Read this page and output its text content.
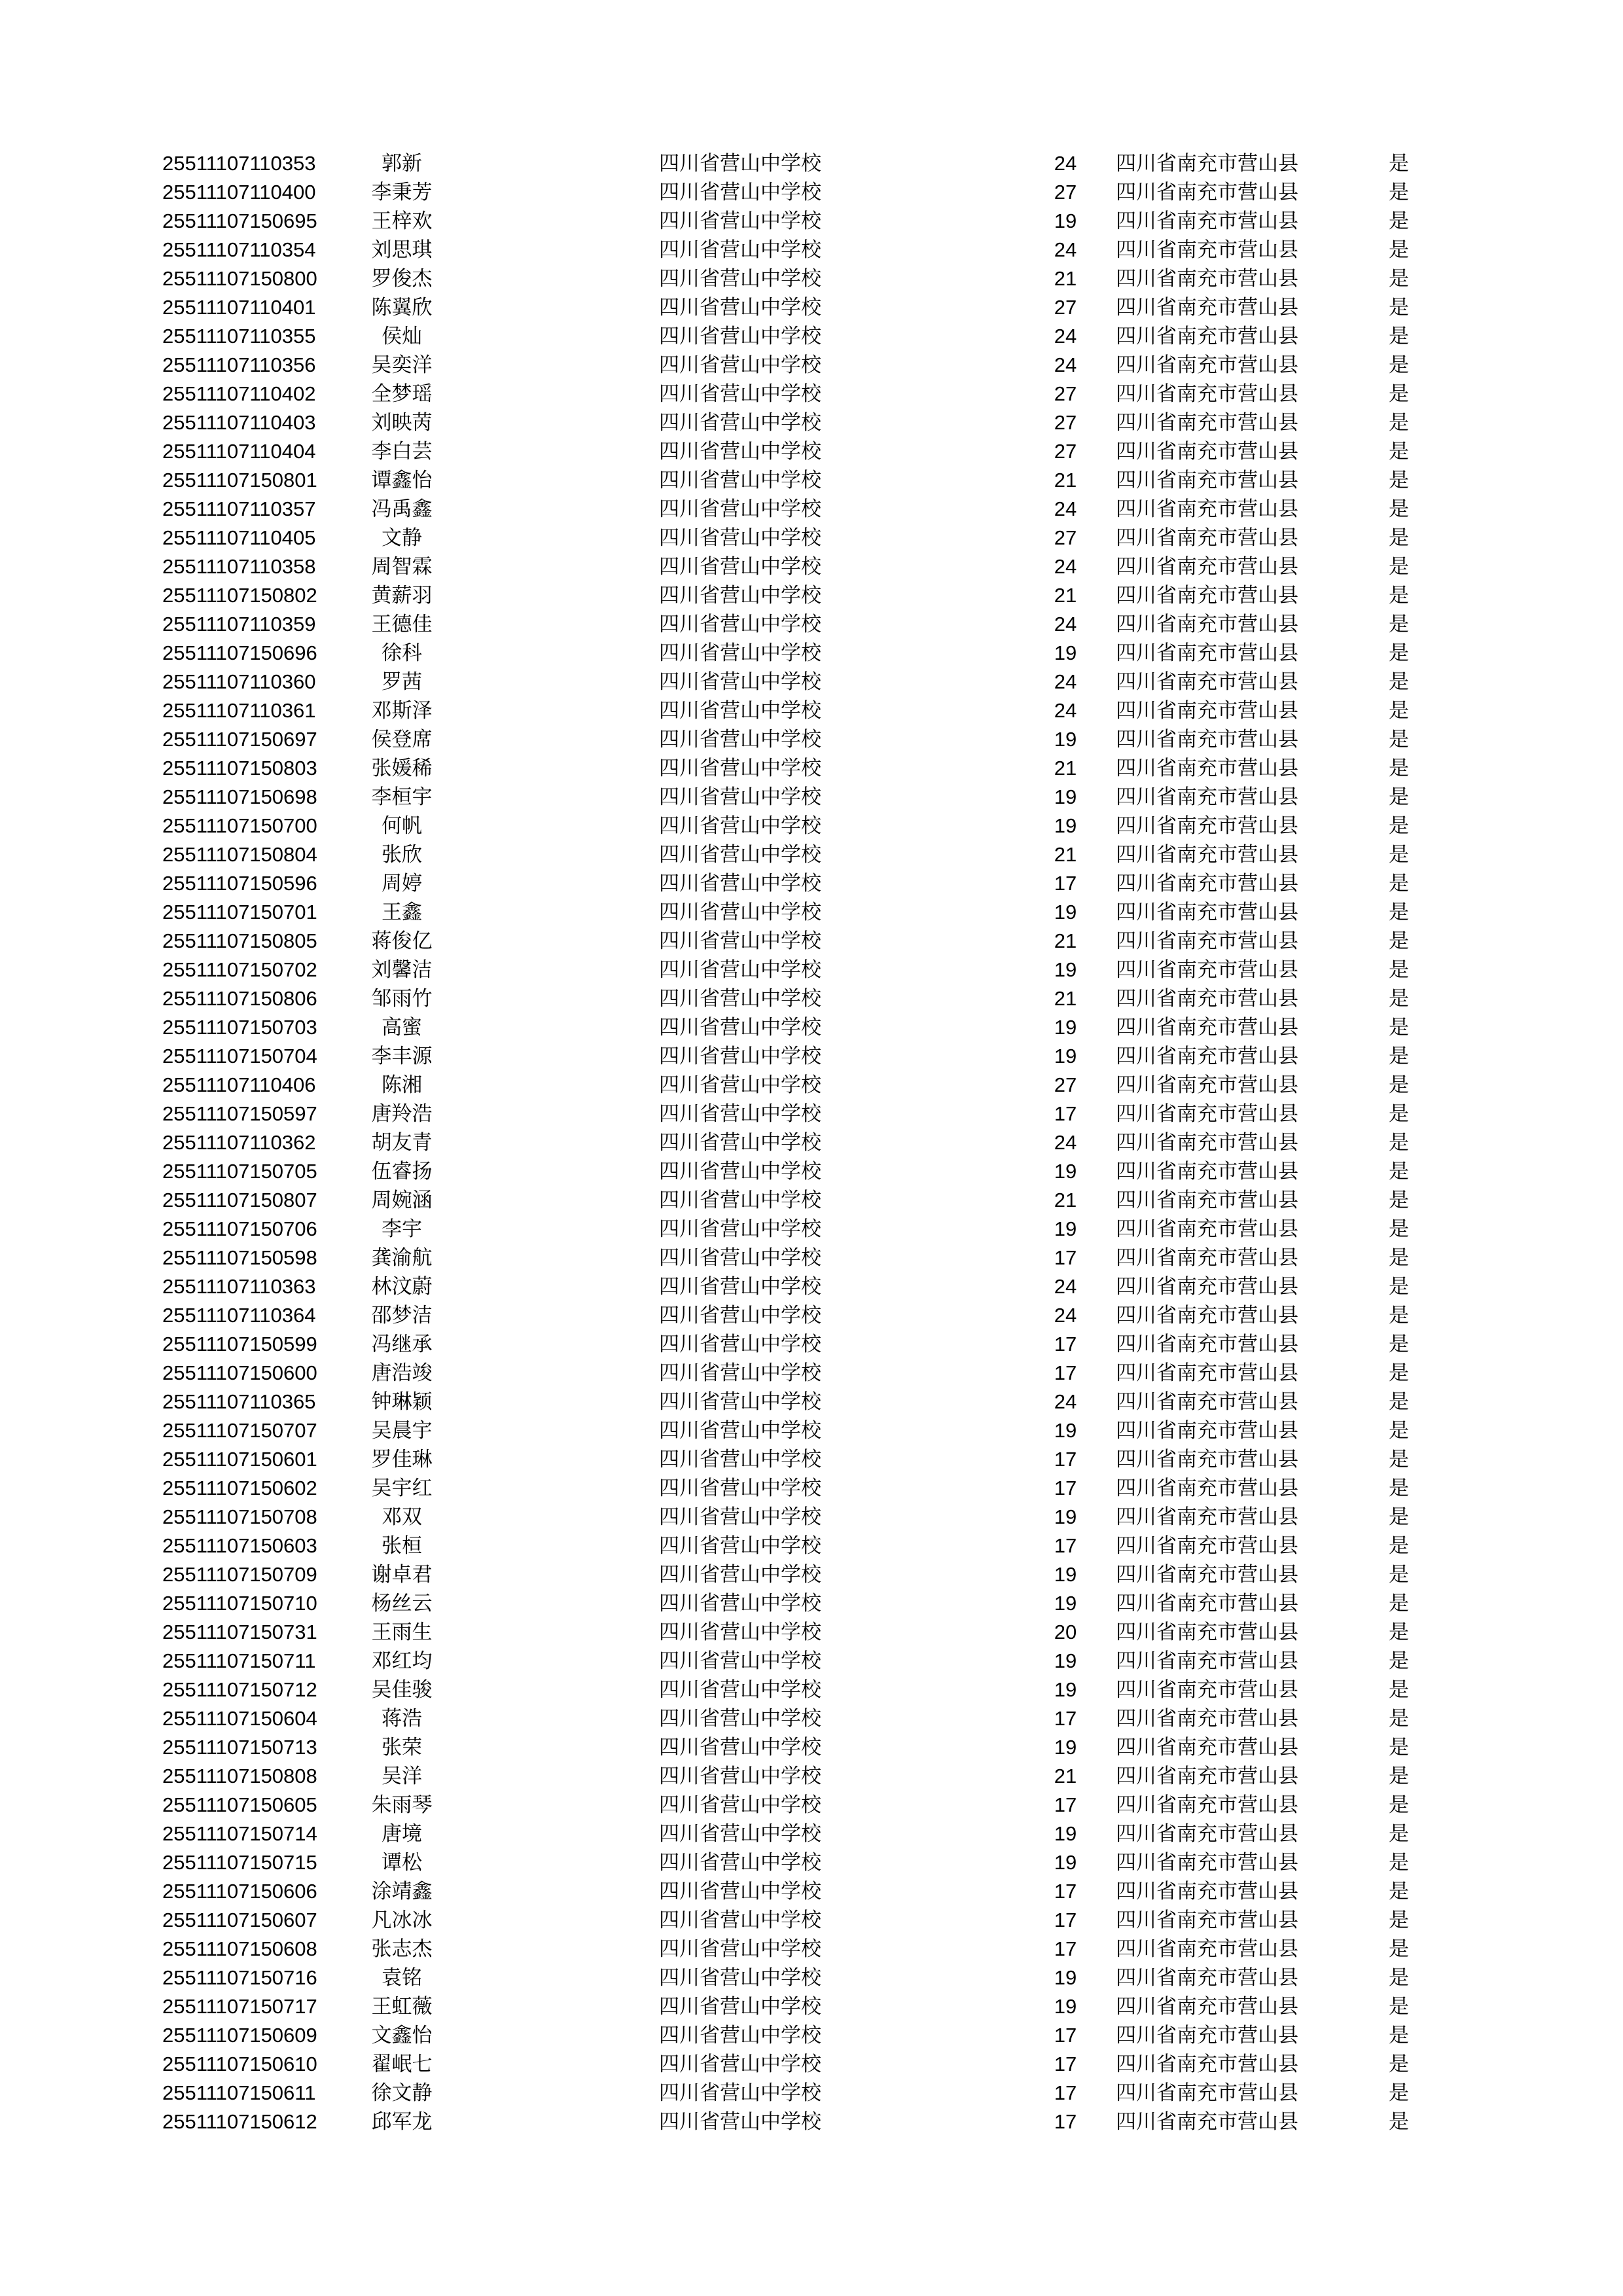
25511107110353	郭新	四川省营山中学校	24	四川省南充市营山县	是
25511107110400	李秉芳	四川省营山中学校	27	四川省南充市营山县	是
25511107150695	王梓欢	四川省营山中学校	19	四川省南充市营山县	是
25511107110354	刘思琪	四川省营山中学校	24	四川省南充市营山县	是
25511107150800	罗俊杰	四川省营山中学校	21	四川省南充市营山县	是
25511107110401	陈翼欣	四川省营山中学校	27	四川省南充市营山县	是
25511107110355	侯灿	四川省营山中学校	24	四川省南充市营山县	是
25511107110356	吴奕洋	四川省营山中学校	24	四川省南充市营山县	是
25511107110402	全梦瑶	四川省营山中学校	27	四川省南充市营山县	是
25511107110403	刘映苪	四川省营山中学校	27	四川省南充市营山县	是
25511107110404	李白芸	四川省营山中学校	27	四川省南充市营山县	是
25511107150801	谭鑫怡	四川省营山中学校	21	四川省南充市营山县	是
25511107110357	冯禹鑫	四川省营山中学校	24	四川省南充市营山县	是
25511107110405	文静	四川省营山中学校	27	四川省南充市营山县	是
25511107110358	周智霖	四川省营山中学校	24	四川省南充市营山县	是
25511107150802	黄薪羽	四川省营山中学校	21	四川省南充市营山县	是
25511107110359	王德佳	四川省营山中学校	24	四川省南充市营山县	是
25511107150696	徐科	四川省营山中学校	19	四川省南充市营山县	是
25511107110360	罗茜	四川省营山中学校	24	四川省南充市营山县	是
25511107110361	邓斯泽	四川省营山中学校	24	四川省南充市营山县	是
25511107150697	侯登席	四川省营山中学校	19	四川省南充市营山县	是
25511107150803	张媛稀	四川省营山中学校	21	四川省南充市营山县	是
25511107150698	李桓宇	四川省营山中学校	19	四川省南充市营山县	是
25511107150700	何帆	四川省营山中学校	19	四川省南充市营山县	是
25511107150804	张欣	四川省营山中学校	21	四川省南充市营山县	是
25511107150596	周婷	四川省营山中学校	17	四川省南充市营山县	是
25511107150701	王鑫	四川省营山中学校	19	四川省南充市营山县	是
25511107150805	蒋俊亿	四川省营山中学校	21	四川省南充市营山县	是
25511107150702	刘馨洁	四川省营山中学校	19	四川省南充市营山县	是
25511107150806	邹雨竹	四川省营山中学校	21	四川省南充市营山县	是
25511107150703	高蜜	四川省营山中学校	19	四川省南充市营山县	是
25511107150704	李丰源	四川省营山中学校	19	四川省南充市营山县	是
25511107110406	陈湘	四川省营山中学校	27	四川省南充市营山县	是
25511107150597	唐羚浩	四川省营山中学校	17	四川省南充市营山县	是
25511107110362	胡友青	四川省营山中学校	24	四川省南充市营山县	是
25511107150705	伍睿扬	四川省营山中学校	19	四川省南充市营山县	是
25511107150807	周婉涵	四川省营山中学校	21	四川省南充市营山县	是
25511107150706	李宇	四川省营山中学校	19	四川省南充市营山县	是
25511107150598	龚渝航	四川省营山中学校	17	四川省南充市营山县	是
25511107110363	林汶蔚	四川省营山中学校	24	四川省南充市营山县	是
25511107110364	邵梦洁	四川省营山中学校	24	四川省南充市营山县	是
25511107150599	冯继承	四川省营山中学校	17	四川省南充市营山县	是
25511107150600	唐浩竣	四川省营山中学校	17	四川省南充市营山县	是
25511107110365	钟琳颖	四川省营山中学校	24	四川省南充市营山县	是
25511107150707	吴晨宇	四川省营山中学校	19	四川省南充市营山县	是
25511107150601	罗佳琳	四川省营山中学校	17	四川省南充市营山县	是
25511107150602	吴宇红	四川省营山中学校	17	四川省南充市营山县	是
25511107150708	邓双	四川省营山中学校	19	四川省南充市营山县	是
25511107150603	张桓	四川省营山中学校	17	四川省南充市营山县	是
25511107150709	谢卓君	四川省营山中学校	19	四川省南充市营山县	是
25511107150710	杨丝云	四川省营山中学校	19	四川省南充市营山县	是
25511107150731	王雨生	四川省营山中学校	20	四川省南充市营山县	是
25511107150711	邓红均	四川省营山中学校	19	四川省南充市营山县	是
25511107150712	吴佳骏	四川省营山中学校	19	四川省南充市营山县	是
25511107150604	蒋浩	四川省营山中学校	17	四川省南充市营山县	是
25511107150713	张荣	四川省营山中学校	19	四川省南充市营山县	是
25511107150808	吴洋	四川省营山中学校	21	四川省南充市营山县	是
25511107150605	朱雨琴	四川省营山中学校	17	四川省南充市营山县	是
25511107150714	唐境	四川省营山中学校	19	四川省南充市营山县	是
25511107150715	谭松	四川省营山中学校	19	四川省南充市营山县	是
25511107150606	涂靖鑫	四川省营山中学校	17	四川省南充市营山县	是
25511107150607	凡冰冰	四川省营山中学校	17	四川省南充市营山县	是
25511107150608	张志杰	四川省营山中学校	17	四川省南充市营山县	是
25511107150716	袁铭	四川省营山中学校	19	四川省南充市营山县	是
25511107150717	王虹薇	四川省营山中学校	19	四川省南充市营山县	是
25511107150609	文鑫怡	四川省营山中学校	17	四川省南充市营山县	是
25511107150610	翟岷七	四川省营山中学校	17	四川省南充市营山县	是
25511107150611	徐文静	四川省营山中学校	17	四川省南充市营山县	是
25511107150612	邱军龙	四川省营山中学校	17	四川省南充市营山县	是
